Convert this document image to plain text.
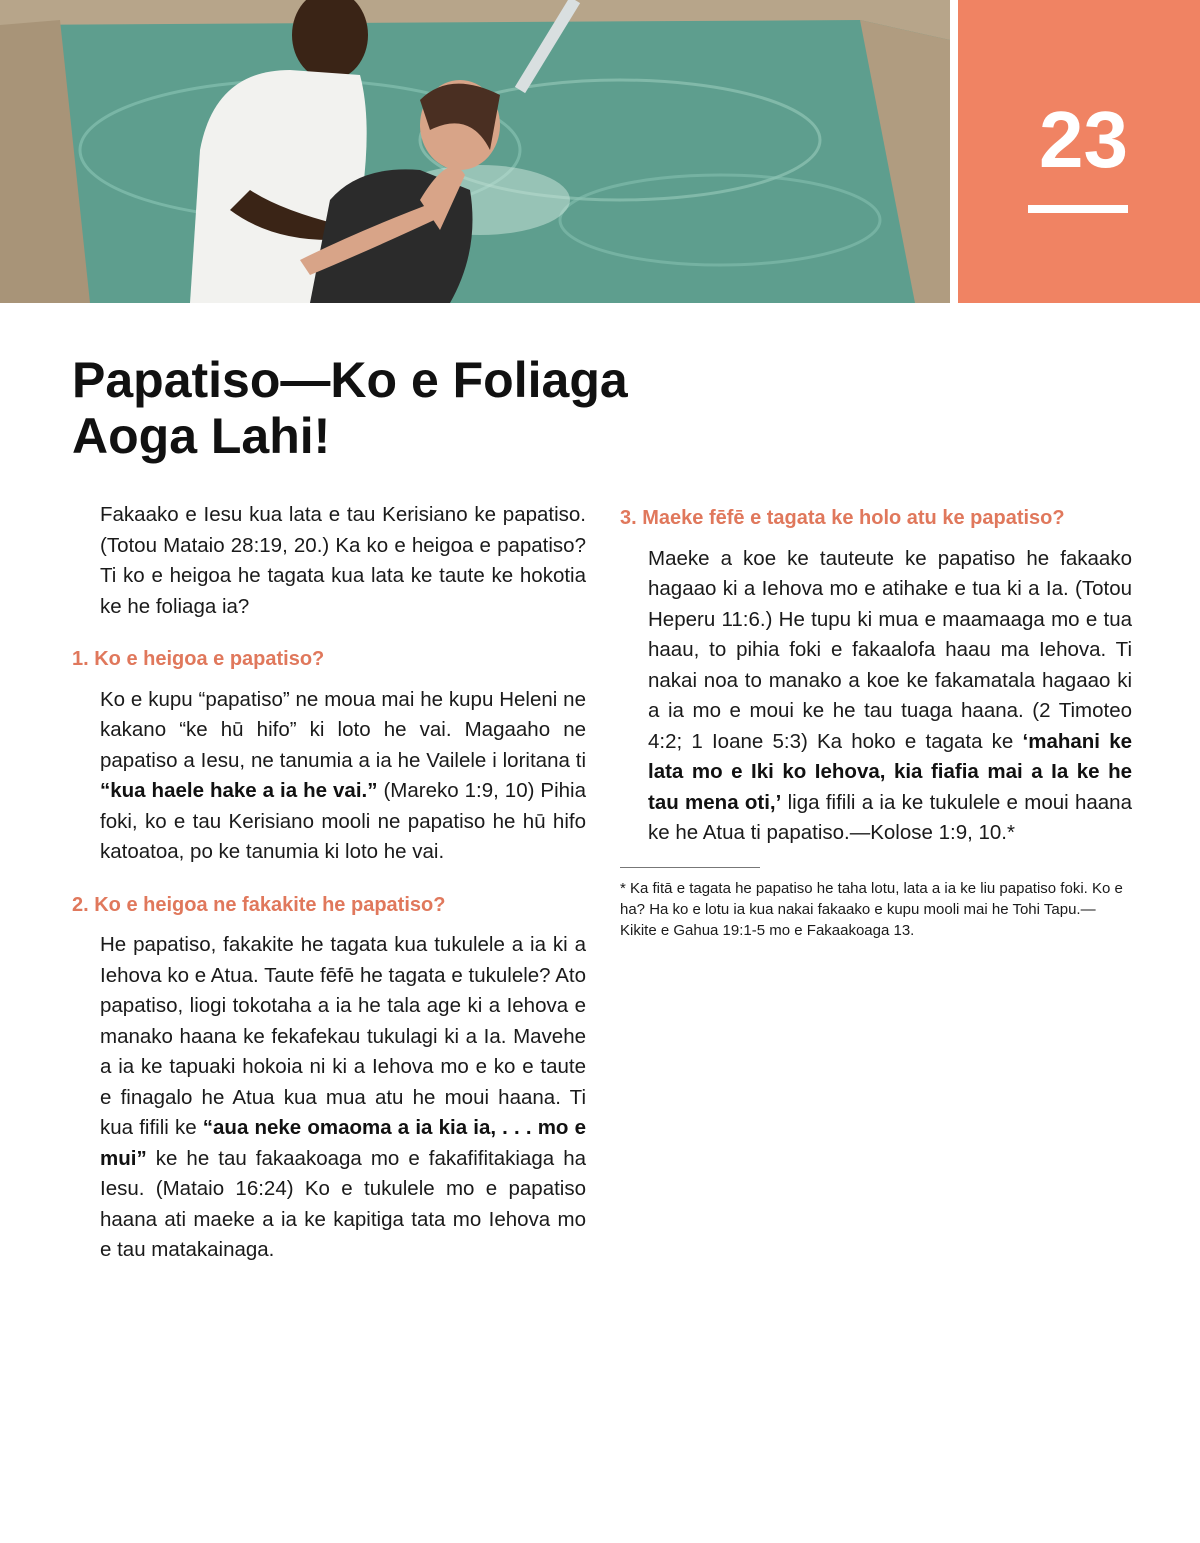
23
Papatiso—Ko e Foliaga
Aoga Lahi!

Fakaako e Iesu kua lata e tau Kerisiano ke papatiso. (Totou Mataio 28:19, 20.) Ka ko e heigoa e papatiso? Ti ko e heigoa he tagata kua lata ke taute ke hokotia ke he foliaga ia?

1. Ko e heigoa e papatiso?

Ko e kupu “papatiso” ne moua mai he kupu Heleni ne kakano “ke hū hifo” ki loto he vai. Magaaho ne papatiso a Iesu, ne tanumia a ia he Vailele i loritana ti “kua haele hake a ia he vai.” (Mareko 1:9, 10) Pihia foki, ko e tau Kerisiano mooli ne papatiso he hū hifo katoatoa, po ke tanumia ki loto he vai.

2. Ko e heigoa ne fakakite he papatiso?

He papatiso, fakakite he tagata kua tukulele a ia ki a Iehova ko e Atua. Taute fēfē he tagata e tukulele? Ato papatiso, liogi tokotaha a ia he tala age ki a Iehova e manako haana ke fekafekau tukulagi ki a Ia. Mavehe a ia ke tapuaki hokoia ni ki a Iehova mo e ko e taute e finagalo he Atua kua mua atu he moui haana. Ti kua fifili ke “aua neke omaoma a ia kia ia, . . . mo e mui” ke he tau fakaakoaga mo e fakafifitakiaga ha Iesu. (Mataio 16:24) Ko e tukulele mo e papatiso haana ati maeke a ia ke kapitiga tata mo Iehova mo e tau matakainaga.

3. Maeke fēfē e tagata ke holo atu ke papatiso?

Maeke a koe ke tauteute ke papatiso he fakaako hagaao ki a Iehova mo e atihake e tua ki a Ia. (Totou Heperu 11:6.) He tupu ki mua e maamaaga mo e tua haau, to pihia foki e fakaalofa haau ma Iehova. Ti nakai noa to manako a koe ke fakamatala hagaao ki a ia mo e moui ke he tau tuaga haana. (2 Timoteo 4:2; 1 Ioane 5:3) Ka hoko e tagata ke ‘mahani ke lata mo e Iki ko Iehova, kia fiafia mai a Ia ke he tau mena oti,’ liga fifili a ia ke tukulele e moui haana ke he Atua ti papatiso.—Kolose 1:9, 10.*

* Ka fitā e tagata he papatiso he taha lotu, lata a ia ke liu papatiso foki. Ko e ha? Ha ko e lotu ia kua nakai fakaako e kupu mooli mai he Tohi Tapu.—Kikite e Gahua 19:1-5 mo e Fakaakoaga 13.
